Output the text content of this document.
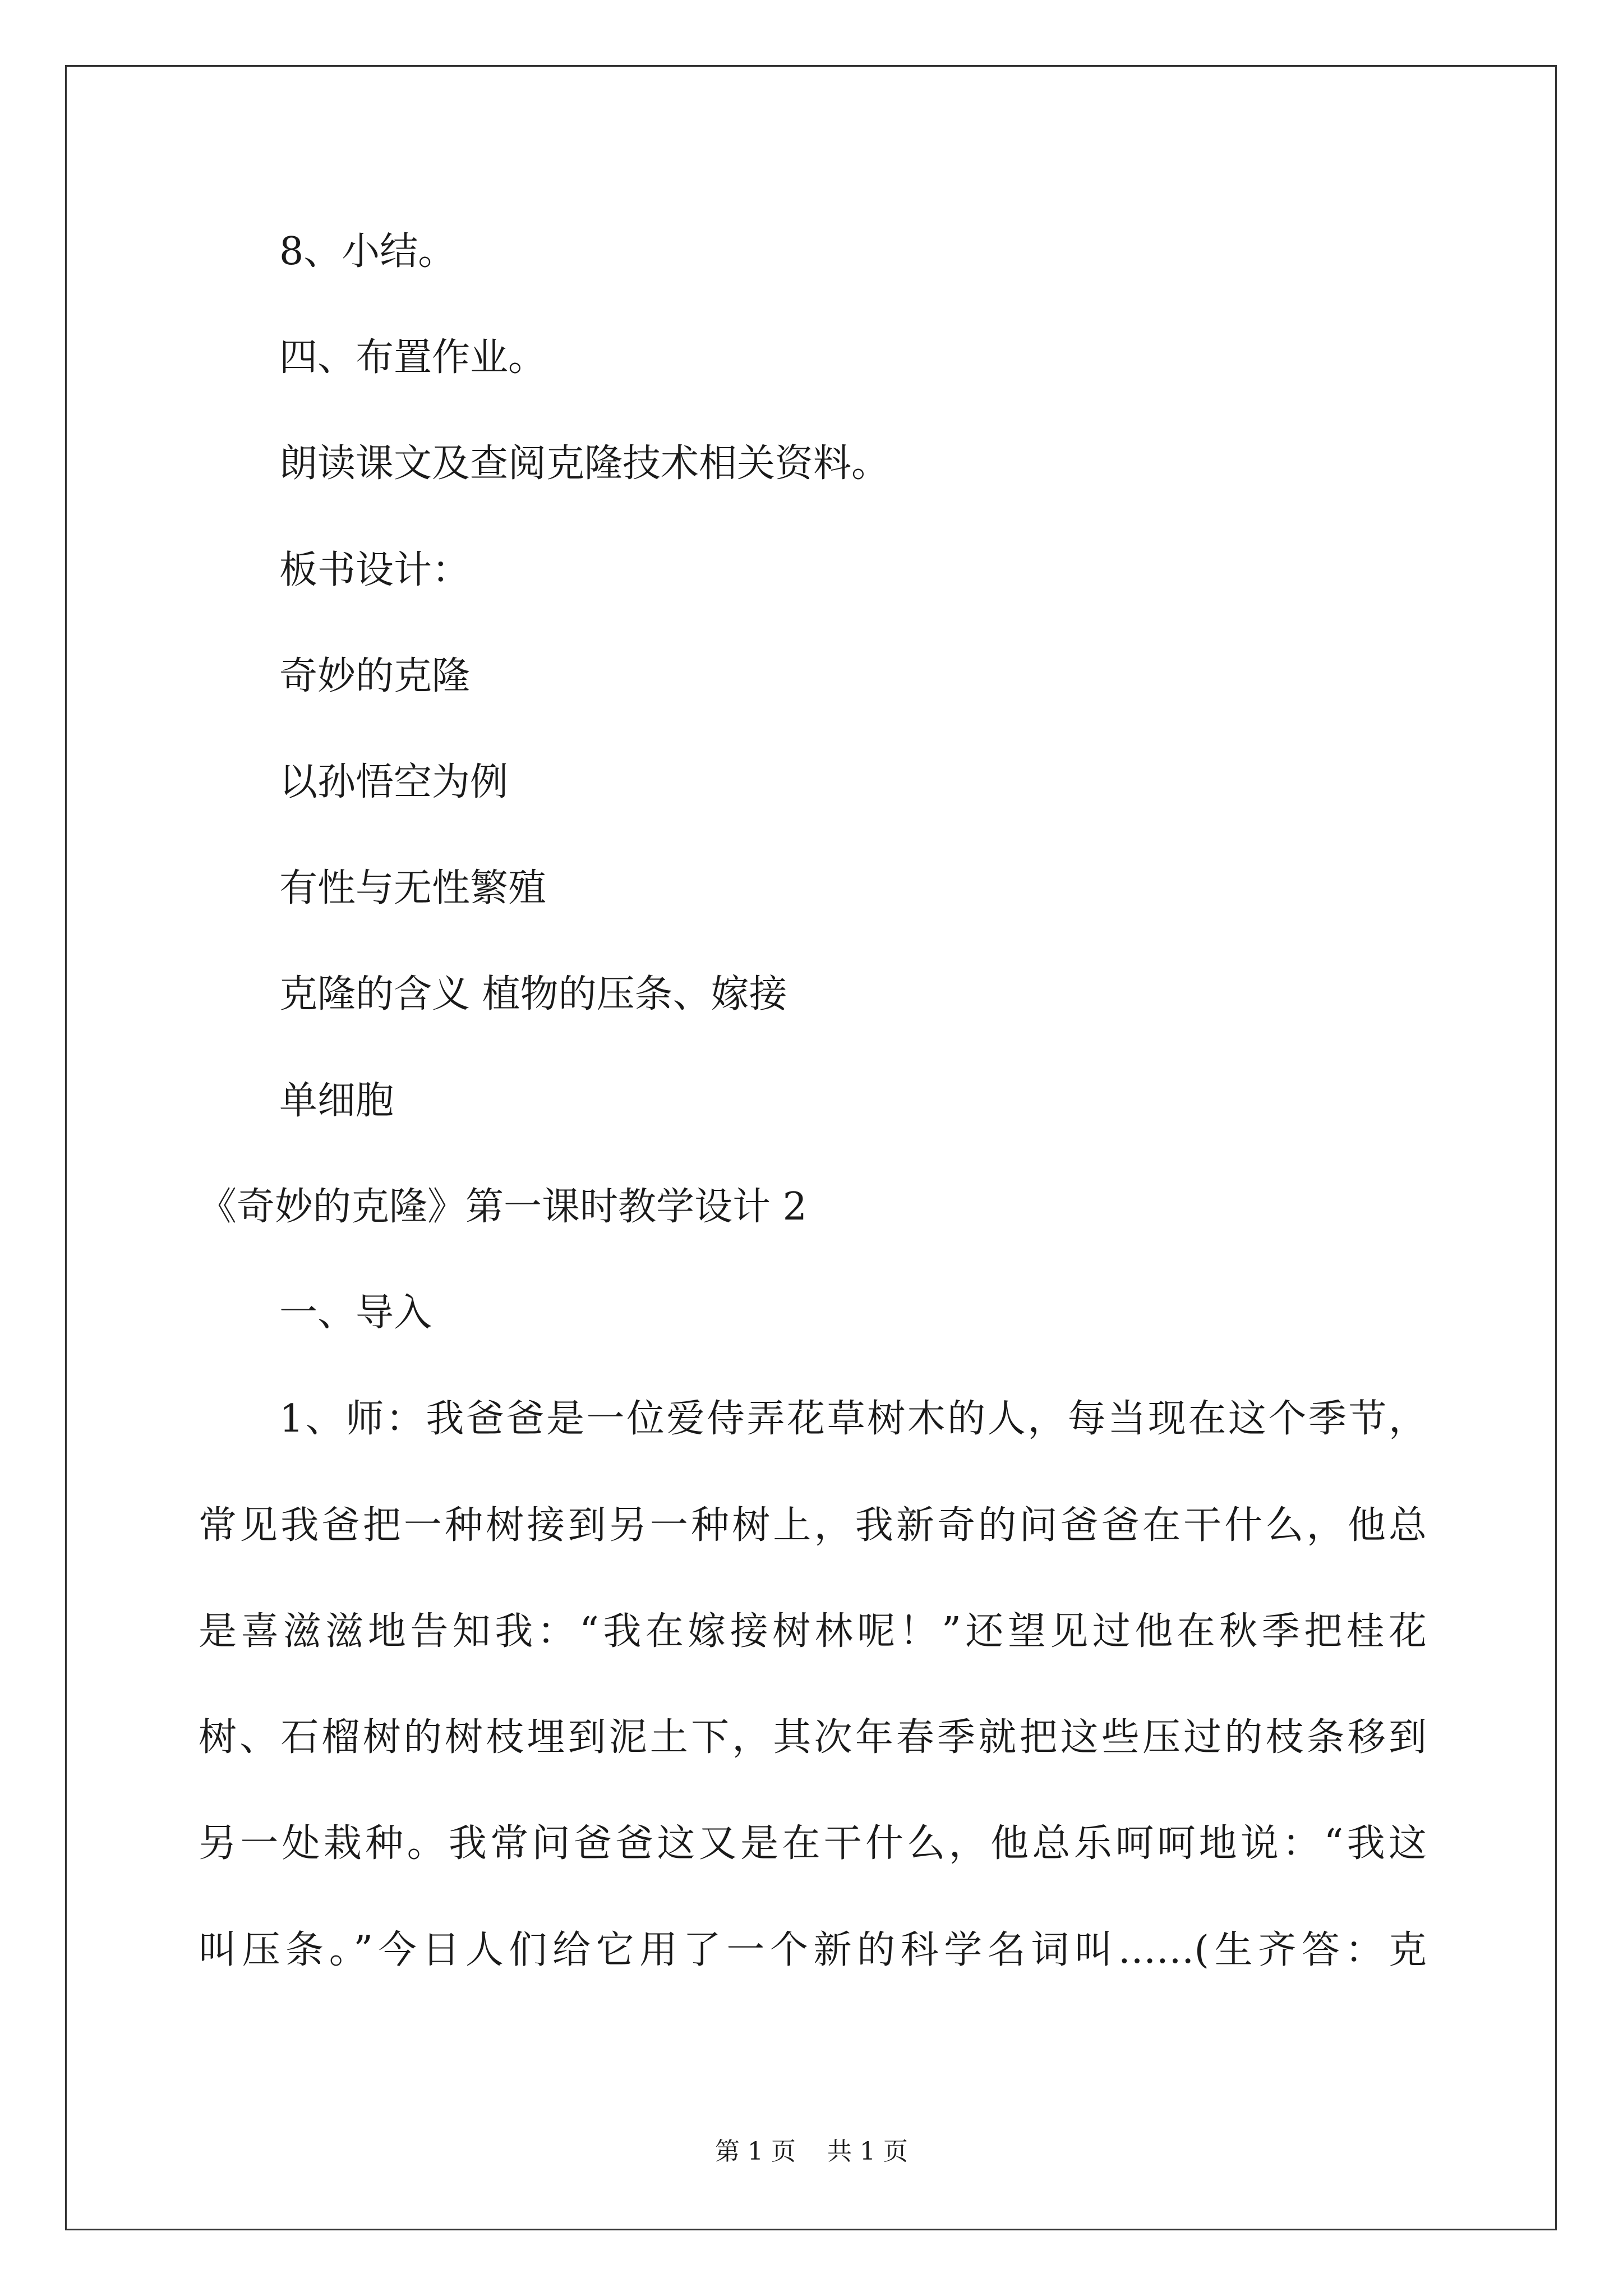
8、小结。
四、布置作业。
朗读课文及查阅克隆技术相关资料。
板书设计：
奇妙的克隆
以孙悟空为例
有性与无性繁殖
克隆的含义 植物的压条、嫁接
单细胞
《奇妙的克隆》第一课时教学设计 2
一、导入
1、师：我爸爸是一位爱侍弄花草树木的人，每当现在这个季节，
常见我爸把一种树接到另一种树上，我新奇的问爸爸在干什么，他总
是喜滋滋地告知我：“我在嫁接树林呢！”还望见过他在秋季把桂花
树、石榴树的树枝埋到泥土下，其次年春季就把这些压过的枝条移到
另一处栽种。我常问爸爸这又是在干什么，他总乐呵呵地说：“我这
叫压条。”今日人们给它用了一个新的科学名词叫……(生齐答：克
第 1 页    共 1 页
